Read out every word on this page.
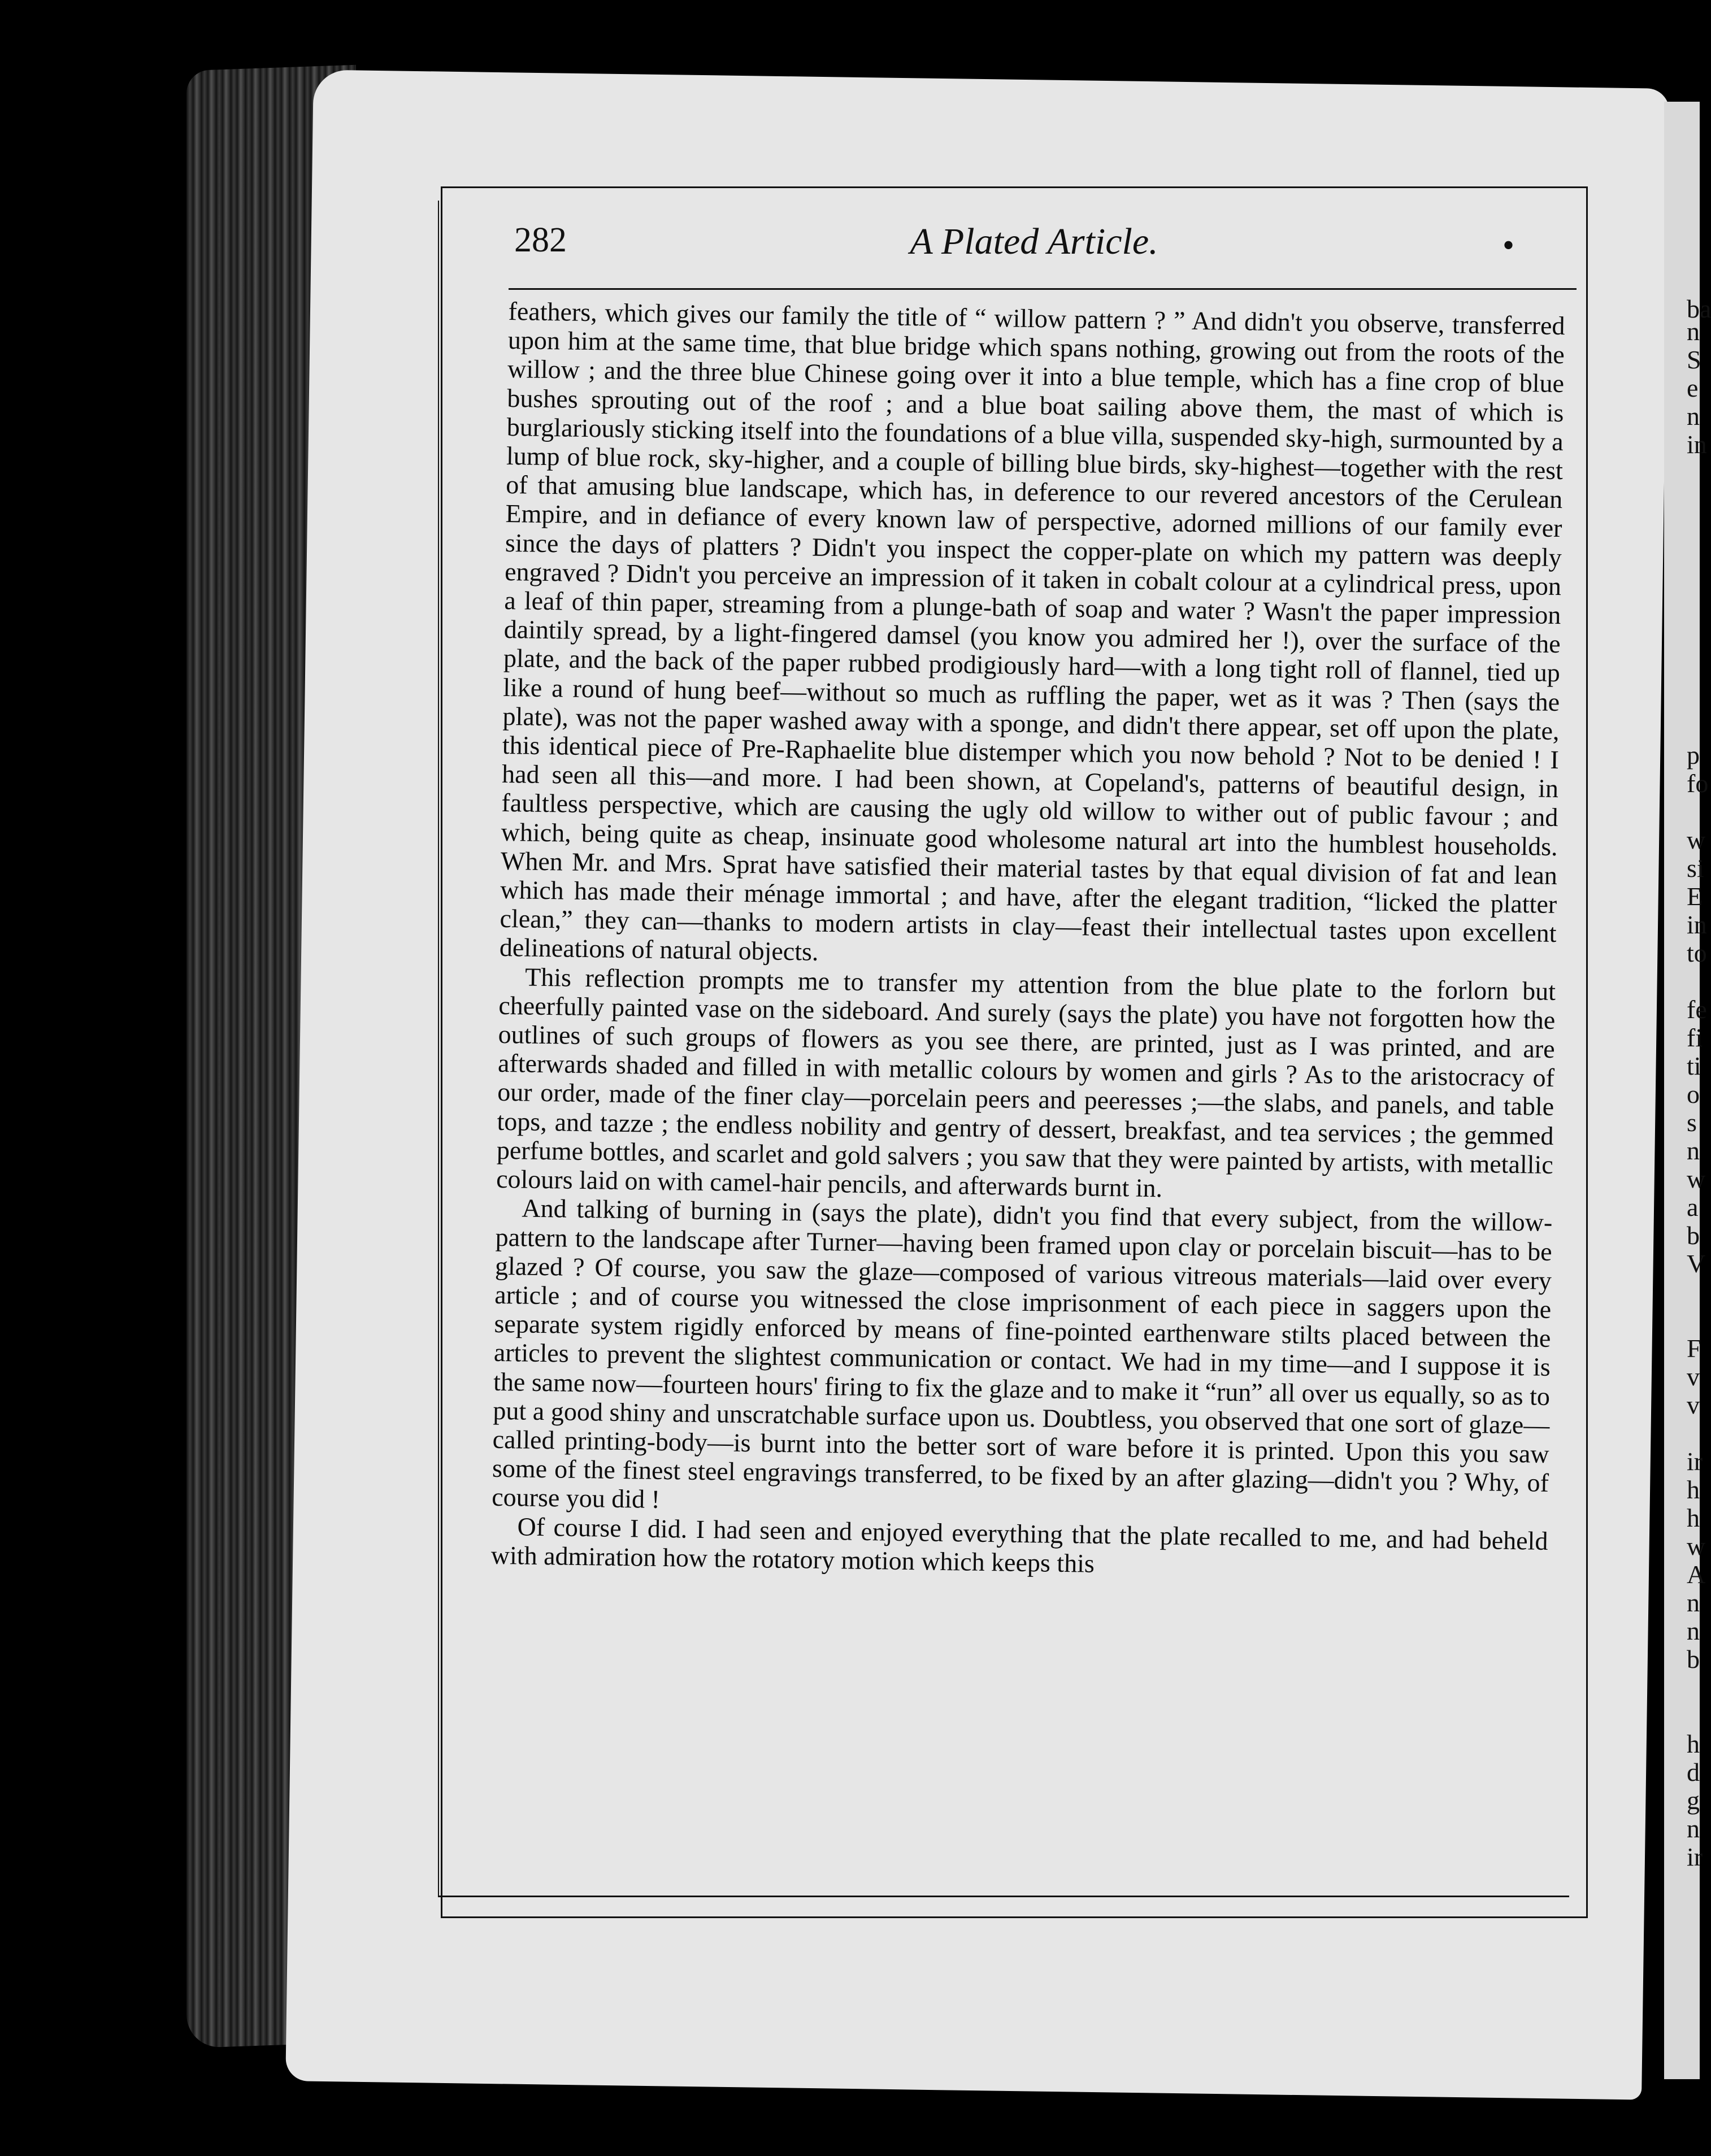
282	A Plated Article.	•

feathers, which gives our family the title of “ willow pattern ? ” And didn't you observe, transferred upon him at the same time, that blue bridge which spans nothing, growing out from the roots of the willow ; and the three blue Chinese going over it into a blue temple, which has a fine crop of blue bushes sprouting out of the roof ; and a blue boat sailing above them, the mast of which is burglariously sticking itself into the foundations of a blue villa, suspended sky-high, surmounted by a lump of blue rock, sky-higher, and a couple of billing blue birds, sky-highest—together with the rest of that amusing blue landscape, which has, in deference to our revered ancestors of the Cerulean Empire, and in defiance of every known law of perspective, adorned millions of our family ever since the days of platters ? Didn't you inspect the copper-plate on which my pattern was deeply engraved ? Didn't you perceive an impression of it taken in cobalt colour at a cylindrical press, upon a leaf of thin paper, streaming from a plunge-bath of soap and water ? Wasn't the paper impression daintily spread, by a light-fingered damsel (you know you admired her !), over the surface of the plate, and the back of the paper rubbed prodigiously hard—with a long tight roll of flannel, tied up like a round of hung beef—without so much as ruffling the paper, wet as it was ? Then (says the plate), was not the paper washed away with a sponge, and didn't there appear, set off upon the plate, this identical piece of Pre-Raphaelite blue distemper which you now behold ? Not to be denied ! I had seen all this—and more. I had been shown, at Copeland's, patterns of beautiful design, in faultless perspective, which are causing the ugly old willow to wither out of public favour ; and which, being quite as cheap, insinuate good wholesome natural art into the humblest households. When Mr. and Mrs. Sprat have satisfied their material tastes by that equal division of fat and lean which has made their ménage immortal ; and have, after the elegant tradition, “licked the platter clean,” they can—thanks to modern artists in clay—feast their intellectual tastes upon excellent delineations of natural objects.

This reflection prompts me to transfer my attention from the blue plate to the forlorn but cheerfully painted vase on the sideboard. And surely (says the plate) you have not forgotten how the outlines of such groups of flowers as you see there, are printed, just as I was printed, and are afterwards shaded and filled in with metallic colours by women and girls ? As to the aristocracy of our order, made of the finer clay—porcelain peers and peeresses ;—the slabs, and panels, and table tops, and tazze ; the endless nobility and gentry of dessert, breakfast, and tea services ; the gemmed perfume bottles, and scarlet and gold salvers ; you saw that they were painted by artists, with metallic colours laid on with camel-hair pencils, and afterwards burnt in.

And talking of burning in (says the plate), didn't you find that every subject, from the willow-pattern to the landscape after Turner—having been framed upon clay or porcelain biscuit—has to be glazed ? Of course, you saw the glaze—composed of various vitreous materials—laid over every article ; and of course you witnessed the close imprisonment of each piece in saggers upon the separate system rigidly enforced by means of fine-pointed earthenware stilts placed between the articles to prevent the slightest communication or contact. We had in my time—and I suppose it is the same now—fourteen hours' firing to fix the glaze and to make it “run” all over us equally, so as to put a good shiny and unscratchable surface upon us. Doubtless, you observed that one sort of glaze—called printing-body—is burnt into the better sort of ware before it is printed. Upon this you saw some of the finest steel engravings transferred, to be fixed by an after glazing—didn't you ? Why, of course you did !

Of course I did. I had seen and enjoyed everything that the plate recalled to me, and had beheld with admiration how the rotatory motion which keeps this

ba
n
S
e
n
in
p
fo
w
si
E
in
to
fe
fi
ti
o
s
n
w
a
b
V
F
v
v
ir
h
h
w
A
n
n
b
h
d
g
n
ir
